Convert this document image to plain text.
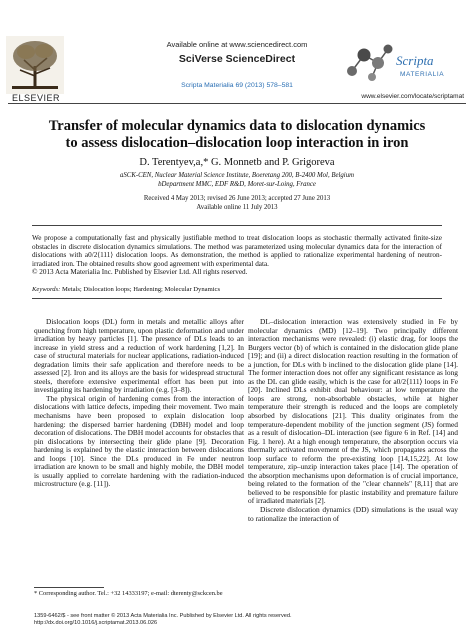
ELSEVIER
Available online at www.sciencedirect.com
SciVerse ScienceDirect
Scripta Materialia 69 (2013) 578–581
Scripta
MATERIALIA
www.elsevier.com/locate/scriptamat
Transfer of molecular dynamics data to dislocation dynamics
to assess dislocation–dislocation loop interaction in iron
D. Terentyev,a,* G. Monnetb and P. Grigoreva
aSCK-CEN, Nuclear Material Science Institute, Boeretang 200, B-2400 Mol, Belgium
bDepartment MMC, EDF R&D, Moret-sur-Loing, France
Received 4 May 2013; revised 26 June 2013; accepted 27 June 2013
Available online 11 July 2013
We propose a computationally fast and physically justifiable method to treat dislocation loops as stochastic thermally activated finite-size obstacles in discrete dislocation dynamics simulations. The method was parameterized using molecular dynamics data for the interaction of dislocations with a0/2⟨111⟩ dislocation loops. As demonstration, the method is applied to rationalize experimental hardening of neutron-irradiated iron. The obtained results show good agreement with experimental data.
© 2013 Acta Materialia Inc. Published by Elsevier Ltd. All rights reserved.
Keywords: Metals; Dislocation loops; Hardening; Molecular Dynamics

Dislocation loops (DL) form in metals and metallic alloys after quenching from high temperature, upon plastic deformation and under irradiation by heavy particles [1]. The presence of DLs leads to an increase in yield stress and a reduction of work hardening [1,2]. In case of structural materials for nuclear applications, radiation-induced degradation limits their safe application and therefore needs to be assessed [2]. Iron and its alloys are the basis for widespread structural steels, therefore extensive experimental effort has been put into investigating its hardening by irradiation (e.g. [3–8]).

The physical origin of hardening comes from the interaction of dislocations with lattice defects, impeding their movement. Two main mechanisms have been proposed to explain dislocation loop hardening: the dispersed barrier hardening (DBH) model and loop decoration of dislocations. The DBH model accounts for obstacles that pin dislocations by intersecting their glide plane [9]. Decoration hardening is explained by the elastic interaction between dislocations and loops [10]. Since the DLs produced in Fe under neutron irradiation are known to be small and highly mobile, the DBH model is usually applied to correlate hardening with the radiation-induced microstructure (e.g. [11]).

DL–dislocation interaction was extensively studied in Fe by molecular dynamics (MD) [12–19]. Two principally different interaction mechanisms were revealed: (i) elastic drag, for loops the Burgers vector (b) of which is contained in the dislocation glide plane [19]; and (ii) a direct dislocation reaction resulting in the formation of a junction, for DLs with b inclined to the dislocation glide plane [14]. The former interaction does not offer any significant resistance as long as the DL can glide easily, which is the case for a0/2⟨111⟩ loops in Fe [20]. Inclined DLs exhibit dual behaviour: at low temperature the loops are strong, non-absorbable obstacles, while at higher temperature their strength is reduced and the loops are completely absorbed by dislocations [21]. This duality originates from the temperature-dependent mobility of the junction segment (JS) formed as a result of dislocation–DL interaction (see figure 6 in Ref. [14] and Fig. 1 here). At a high enough temperature, the absorption occurs via thermally activated movement of the JS, which propagates across the loop surface to reform the pre-existing loop [14,15,22]. At low temperature, zip–unzip interaction takes place [14]. The operation of the absorption mechanisms upon deformation is of crucial importance, being related to the formation of the "clear channels" [8,11] that are believed to be responsible for plastic instability and premature failure of irradiated materials [2].

Discrete dislocation dynamics (DD) simulations is the usual way to rationalize the interaction of

* Corresponding author. Tel.: +32 14333197; e-mail: dterenty@sckcen.be
1359-6462/$ - see front matter © 2013 Acta Materialia Inc. Published by Elsevier Ltd. All rights reserved.
http://dx.doi.org/10.1016/j.scriptamat.2013.06.026
